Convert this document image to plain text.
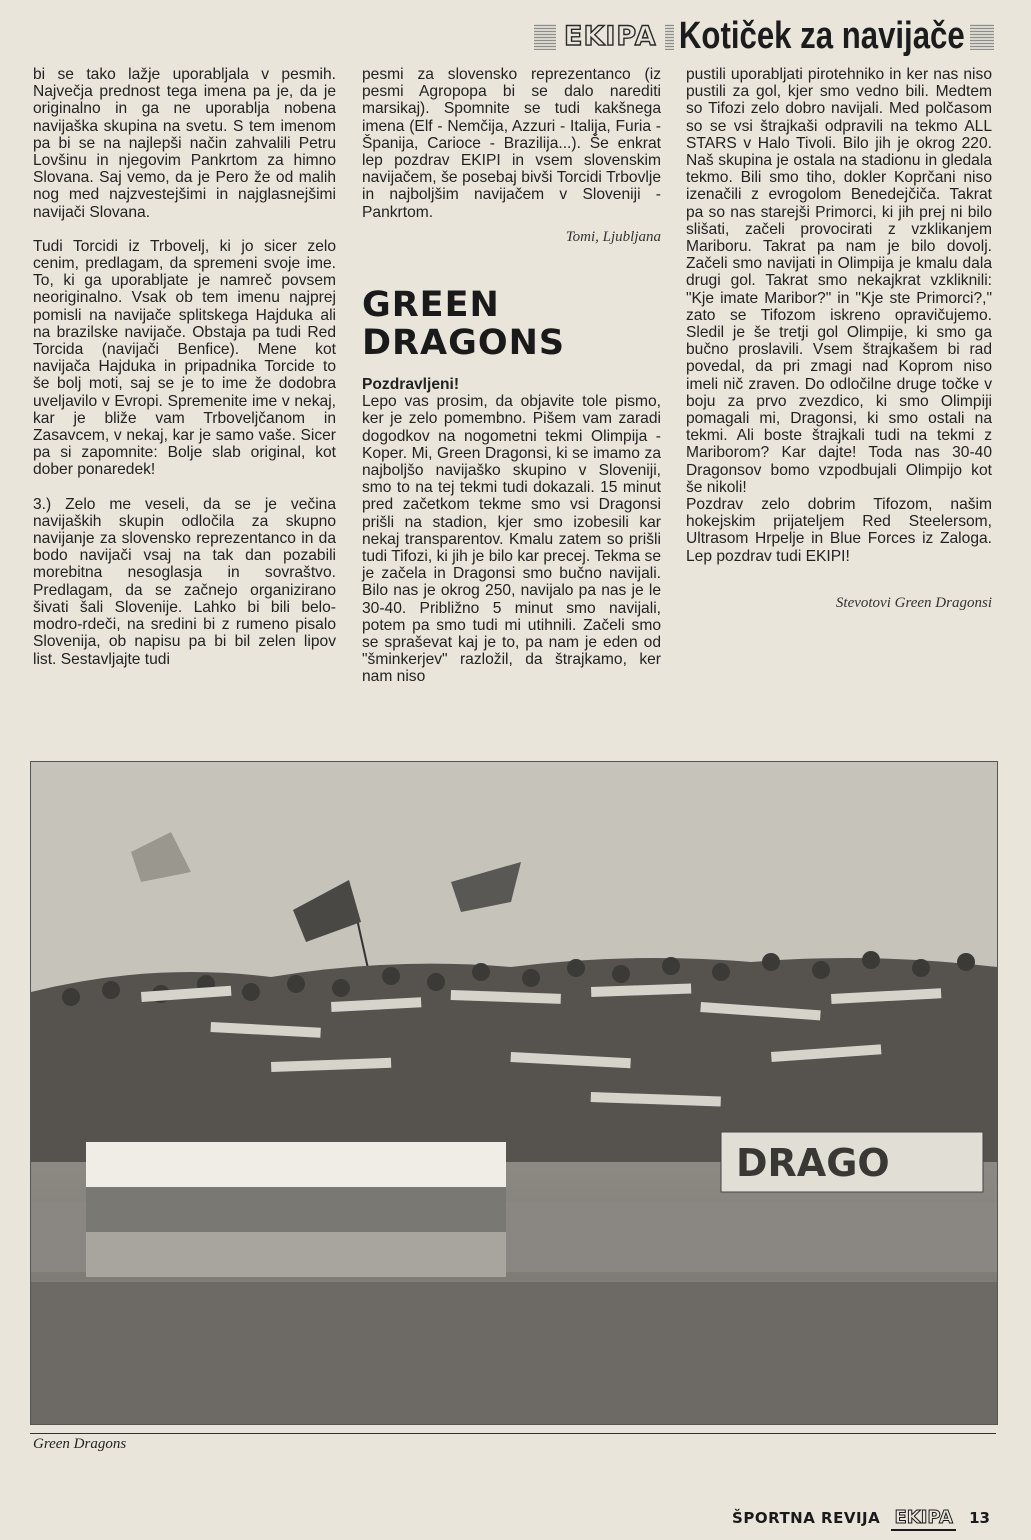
EKIPA Kotiček za navijače

bi se tako lažje uporabljala v pesmih. Največja prednost tega imena pa je, da je originalno in ga ne uporablja nobena navijaška skupina na svetu. S tem imenom pa bi se na najlepši način zahvalili Petru Lovšinu in njegovim Pankrtom za himno Slovana. Saj vemo, da je Pero že od malih nog med najzvestejšimi in najglasnejšimi navijači Slovana.

Tudi Torcidi iz Trbovelj, ki jo sicer zelo cenim, predlagam, da spremeni svoje ime. To, ki ga uporabljate je namreč povsem neoriginalno. Vsak ob tem imenu najprej pomisli na navijače splitskega Hajduka ali na brazilske navijače. Obstaja pa tudi Red Torcida (navijači Benfice). Mene kot navijača Hajduka in pripadnika Torcide to še bolj moti, saj se je to ime že dodobra uveljavilo v Evropi. Spremenite ime v nekaj, kar je bliže vam Trboveljčanom in Zasavcem, v nekaj, kar je samo vaše. Sicer pa si zapomnite: Bolje slab original, kot dober ponaredek!

3.) Zelo me veseli, da se je večina navijaških skupin odločila za skupno navijanje za slovensko reprezentanco in da bodo navijači vsaj na tak dan pozabili morebitna nesoglasja in sovraštvo. Predlagam, da se začnejo organizirano šivati šali Slovenije. Lahko bi bili belo-modro-rdeči, na sredini bi z rumeno pisalo Slovenija, ob napisu pa bi bil zelen lipov list. Sestavljajte tudi

pesmi za slovensko reprezentanco (iz pesmi Agropopa bi se dalo narediti marsikaj). Spomnite se tudi kakšnega imena (Elf - Nemčija, Azzuri - Italija, Furia - Španija, Carioce - Brazilija...). Še enkrat lep pozdrav EKIPI in vsem slovenskim navijačem, še posebaj bivši Torcidi Trbovlje in najboljšim navijačem v Sloveniji - Pankrtom.

Tomi, Ljubljana

GREEN DRAGONS

Pozdravljeni!

Lepo vas prosim, da objavite tole pismo, ker je zelo pomembno. Pišem vam zaradi dogodkov na nogometni tekmi Olimpija - Koper. Mi, Green Dragonsi, ki se imamo za najboljšo navijaško skupino v Sloveniji, smo to na tej tekmi tudi dokazali. 15 minut pred začetkom tekme smo vsi Dragonsi prišli na stadion, kjer smo izobesili kar nekaj transparentov. Kmalu zatem so prišli tudi Tifozi, ki jih je bilo kar precej. Tekma se je začela in Dragonsi smo bučno navijali. Bilo nas je okrog 250, navijalo pa nas je le 30-40. Približno 5 minut smo navijali, potem pa smo tudi mi utihnili. Začeli smo se spraševat kaj je to, pa nam je eden od "šminkerjev" razložil, da štrajkamo, ker nam niso

pustili uporabljati pirotehniko in ker nas niso pustili za gol, kjer smo vedno bili. Medtem so Tifozi zelo dobro navijali. Med polčasom so se vsi štrajkaši odpravili na tekmo ALL STARS v Halo Tivoli. Bilo jih je okrog 220. Naš skupina je ostala na stadionu in gledala tekmo. Bili smo tiho, dokler Koprčani niso izenačili z evrogolom Benedejčiča. Takrat pa so nas starejši Primorci, ki jih prej ni bilo slišati, začeli provocirati z vzklikanjem Mariboru. Takrat pa nam je bilo dovolj. Začeli smo navijati in Olimpija je kmalu dala drugi gol. Takrat smo nekajkrat vzkliknili: "Kje imate Maribor?" in "Kje ste Primorci?," zato se Tifozom iskreno opravičujemo. Sledil je še tretji gol Olimpije, ki smo ga bučno proslavili. Vsem štrajkašem bi rad povedal, da pri zmagi nad Koprom niso imeli nič zraven. Do odločilne druge točke v boju za prvo zvezdico, ki smo Olimpiji pomagali mi, Dragonsi, ki smo ostali na tekmi. Ali boste štrajkali tudi na tekmi z Mariborom? Kar dajte! Toda nas 30-40 Dragonsov bomo vzpodbujali Olimpijo kot še nikoli!

Pozdrav zelo dobrim Tifozom, našim hokejskim prijateljem Red Steelersom, Ultrasom Hrpelje in Blue Forces iz Zaloga. Lep pozdrav tudi EKIPI!

Stevotovi Green Dragonsi

DRAGO
Green Dragons
ŠPORTNA REVIJA EKIPA 13
